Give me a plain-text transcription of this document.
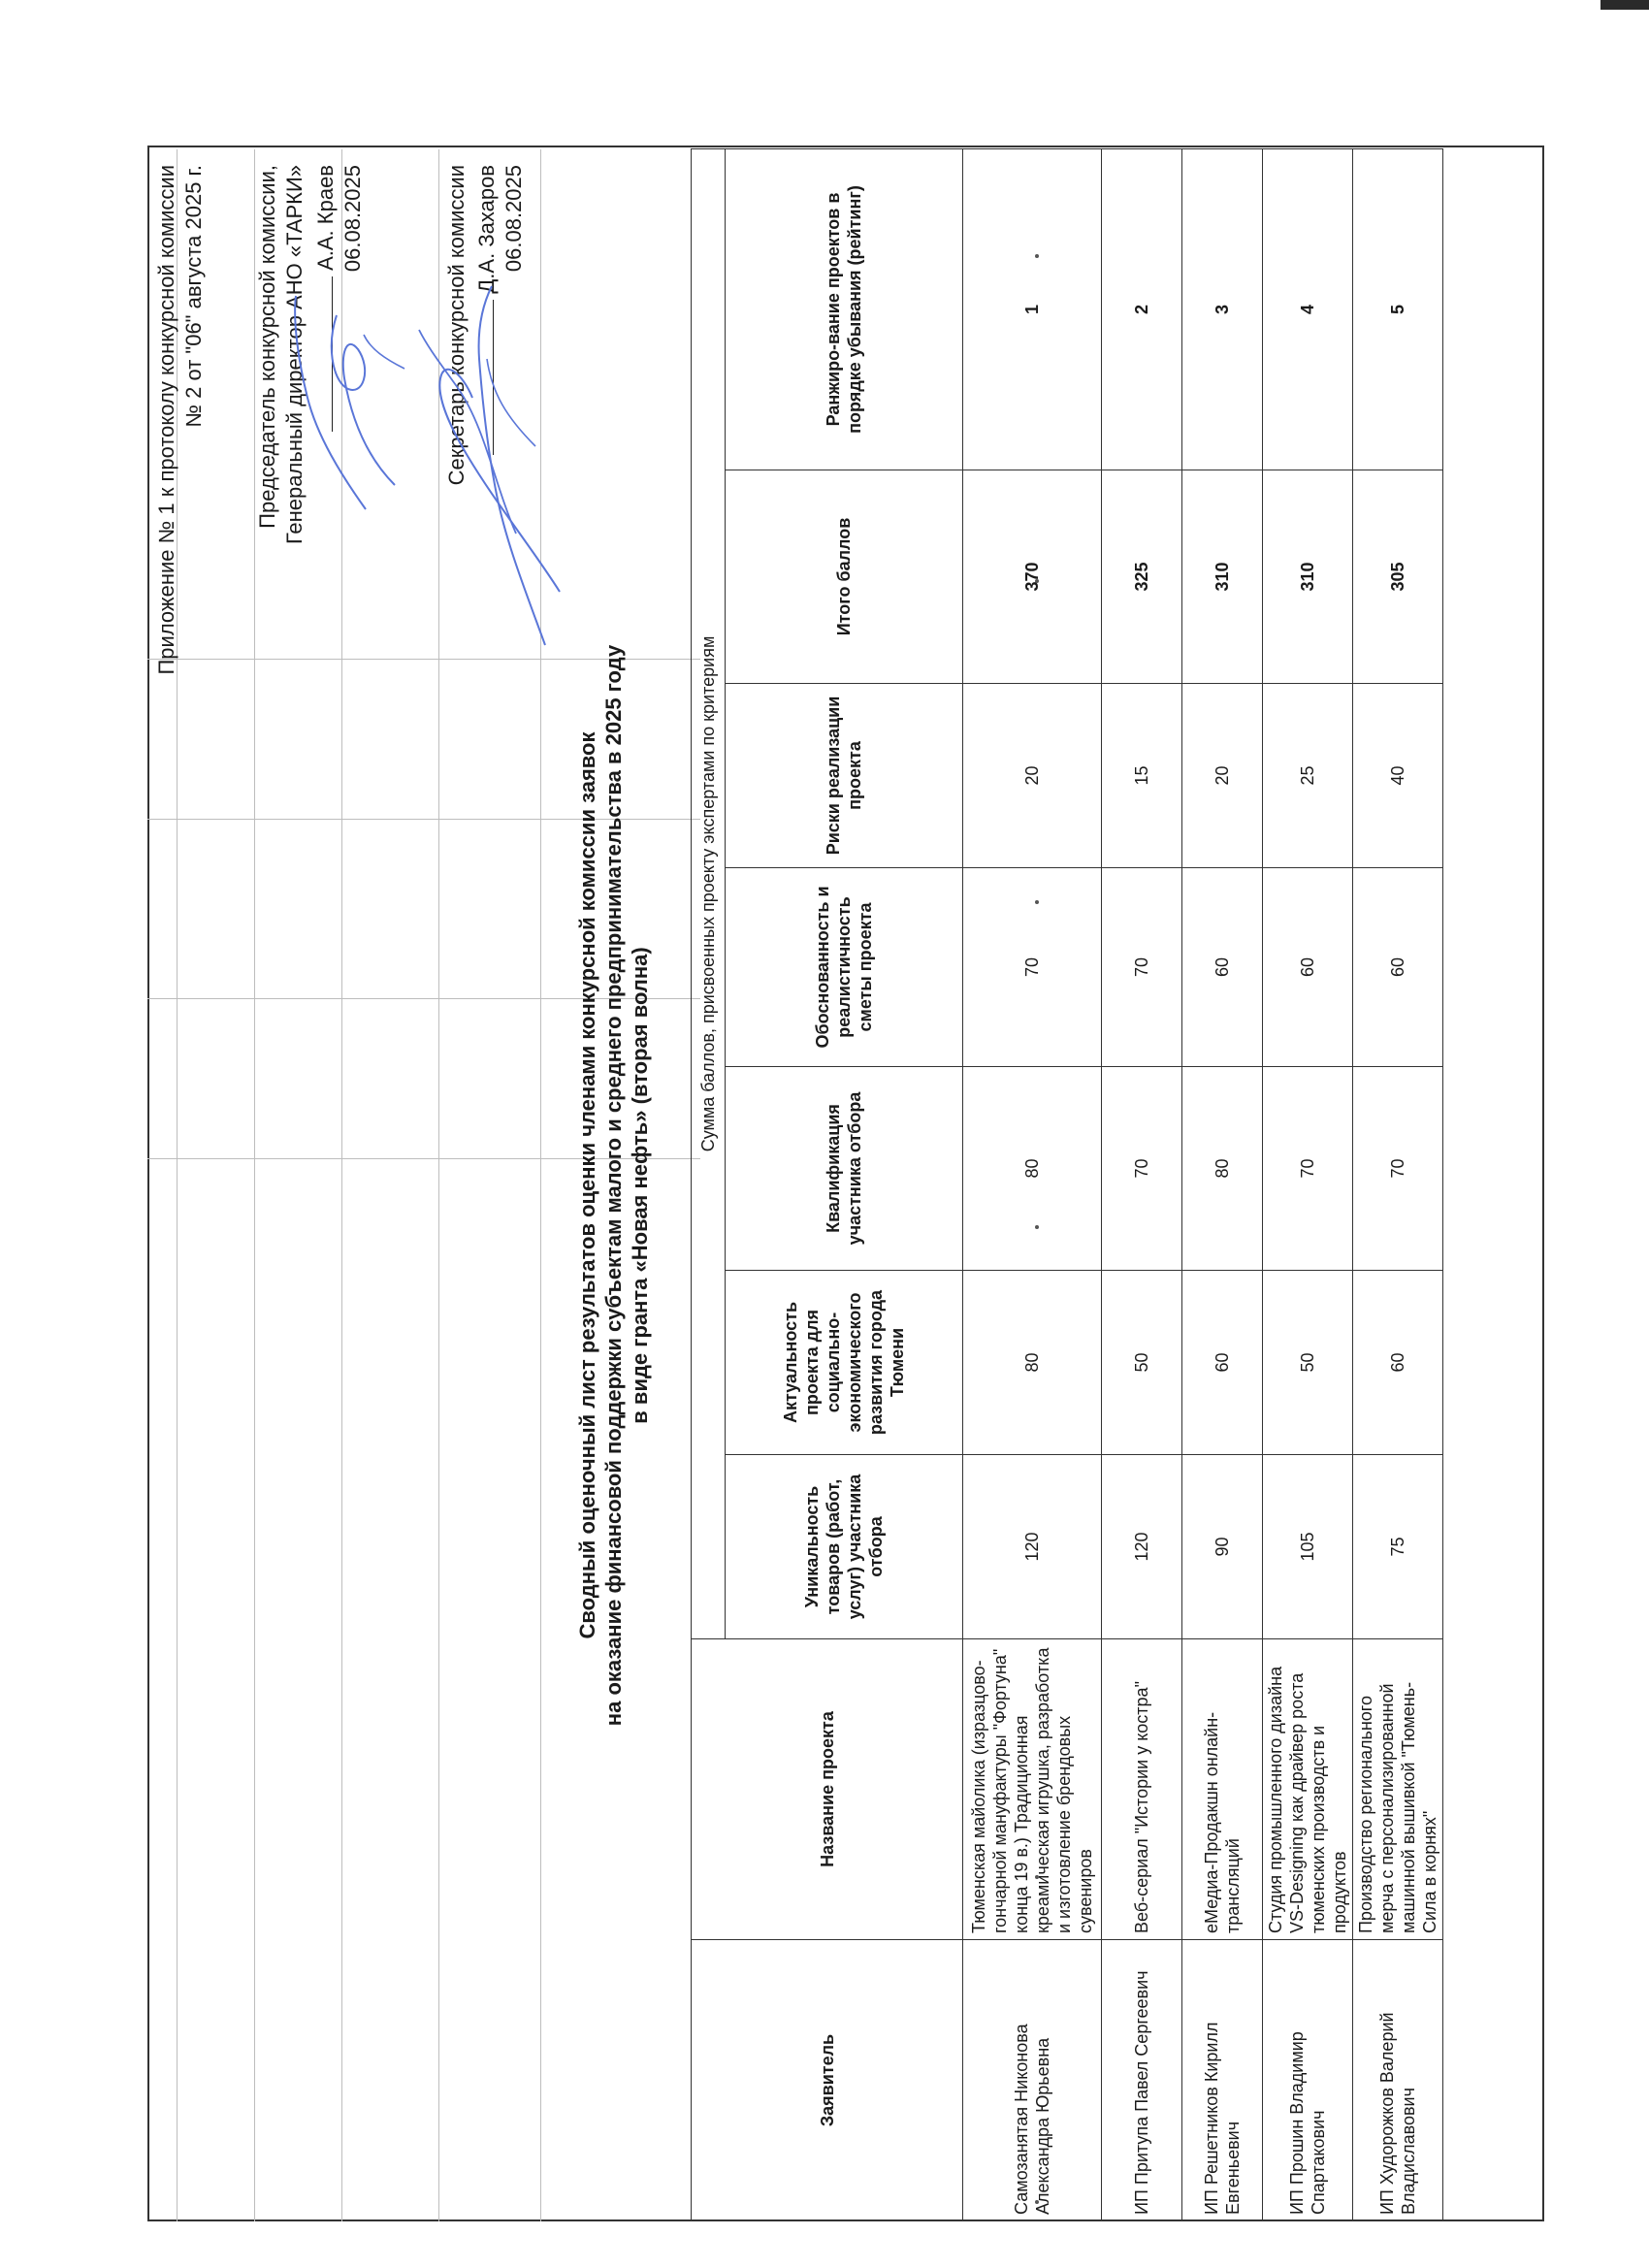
Приложение № 1 к протоколу конкурсной комиссии № 2 от "06" августа 2025 г. Председатель конкурсной комиссии, Генеральный директор АНО «ТАРКИ» А.А. Краев 06.08.2025	Секретарь конкурсной комиссии Д.А. Захаров 06.08.2025
Сводный оценочный лист результатов оценки членами конкурсной комиссии заявок на оказание финансовой поддержки субъектам малого и среднего предпринимательства в 2025 году в виде гранта «Новая нефть» (вторая волна)
Заявитель	Название проекта	Сумма баллов, присвоенных проекту экспертами по критериям						
		Уникальность товаров (работ, услуг) участника отбора	Актуальность проекта для социально-экономического развития города Тюмени	Квалификация участника отбора	Обоснованность и реалистичность сметы проекта	Риски реализации проекта	Итого баллов	Ранжиро-вание проектов в порядке убывания (рейтинг)
Самозанятая Никонова Александра Юрьевна	Тюменская майолика (изразцово-гончарной мануфактуры "Фортуна" конца 19 в.) Традиционная креамическая игрушка, разработка и изготовление брендовых сувениров	120	80	80	70	20	370	1
ИП Притупа Павел Сергеевич	Веб-сериал "Истории у костра"	120	50	70	70	15	325	2
ИП Решетников Кирилл Евгеньевич	еМедиа-Продакшн онлайн-трансляций	90	60	80	60	20	310	3
ИП Прошин Владимир Спартакович	Студия промышленного дизайна VS-Designing как драйвер роста тюменских производств и продуктов	105	50	70	60	25	310	4
ИП Худорожков Валерий Владиславович	Производство регионального мерча с персонализированной машинной вышивкой "Тюмень-Сила в корнях"	75	60	70	60	40	305	5
